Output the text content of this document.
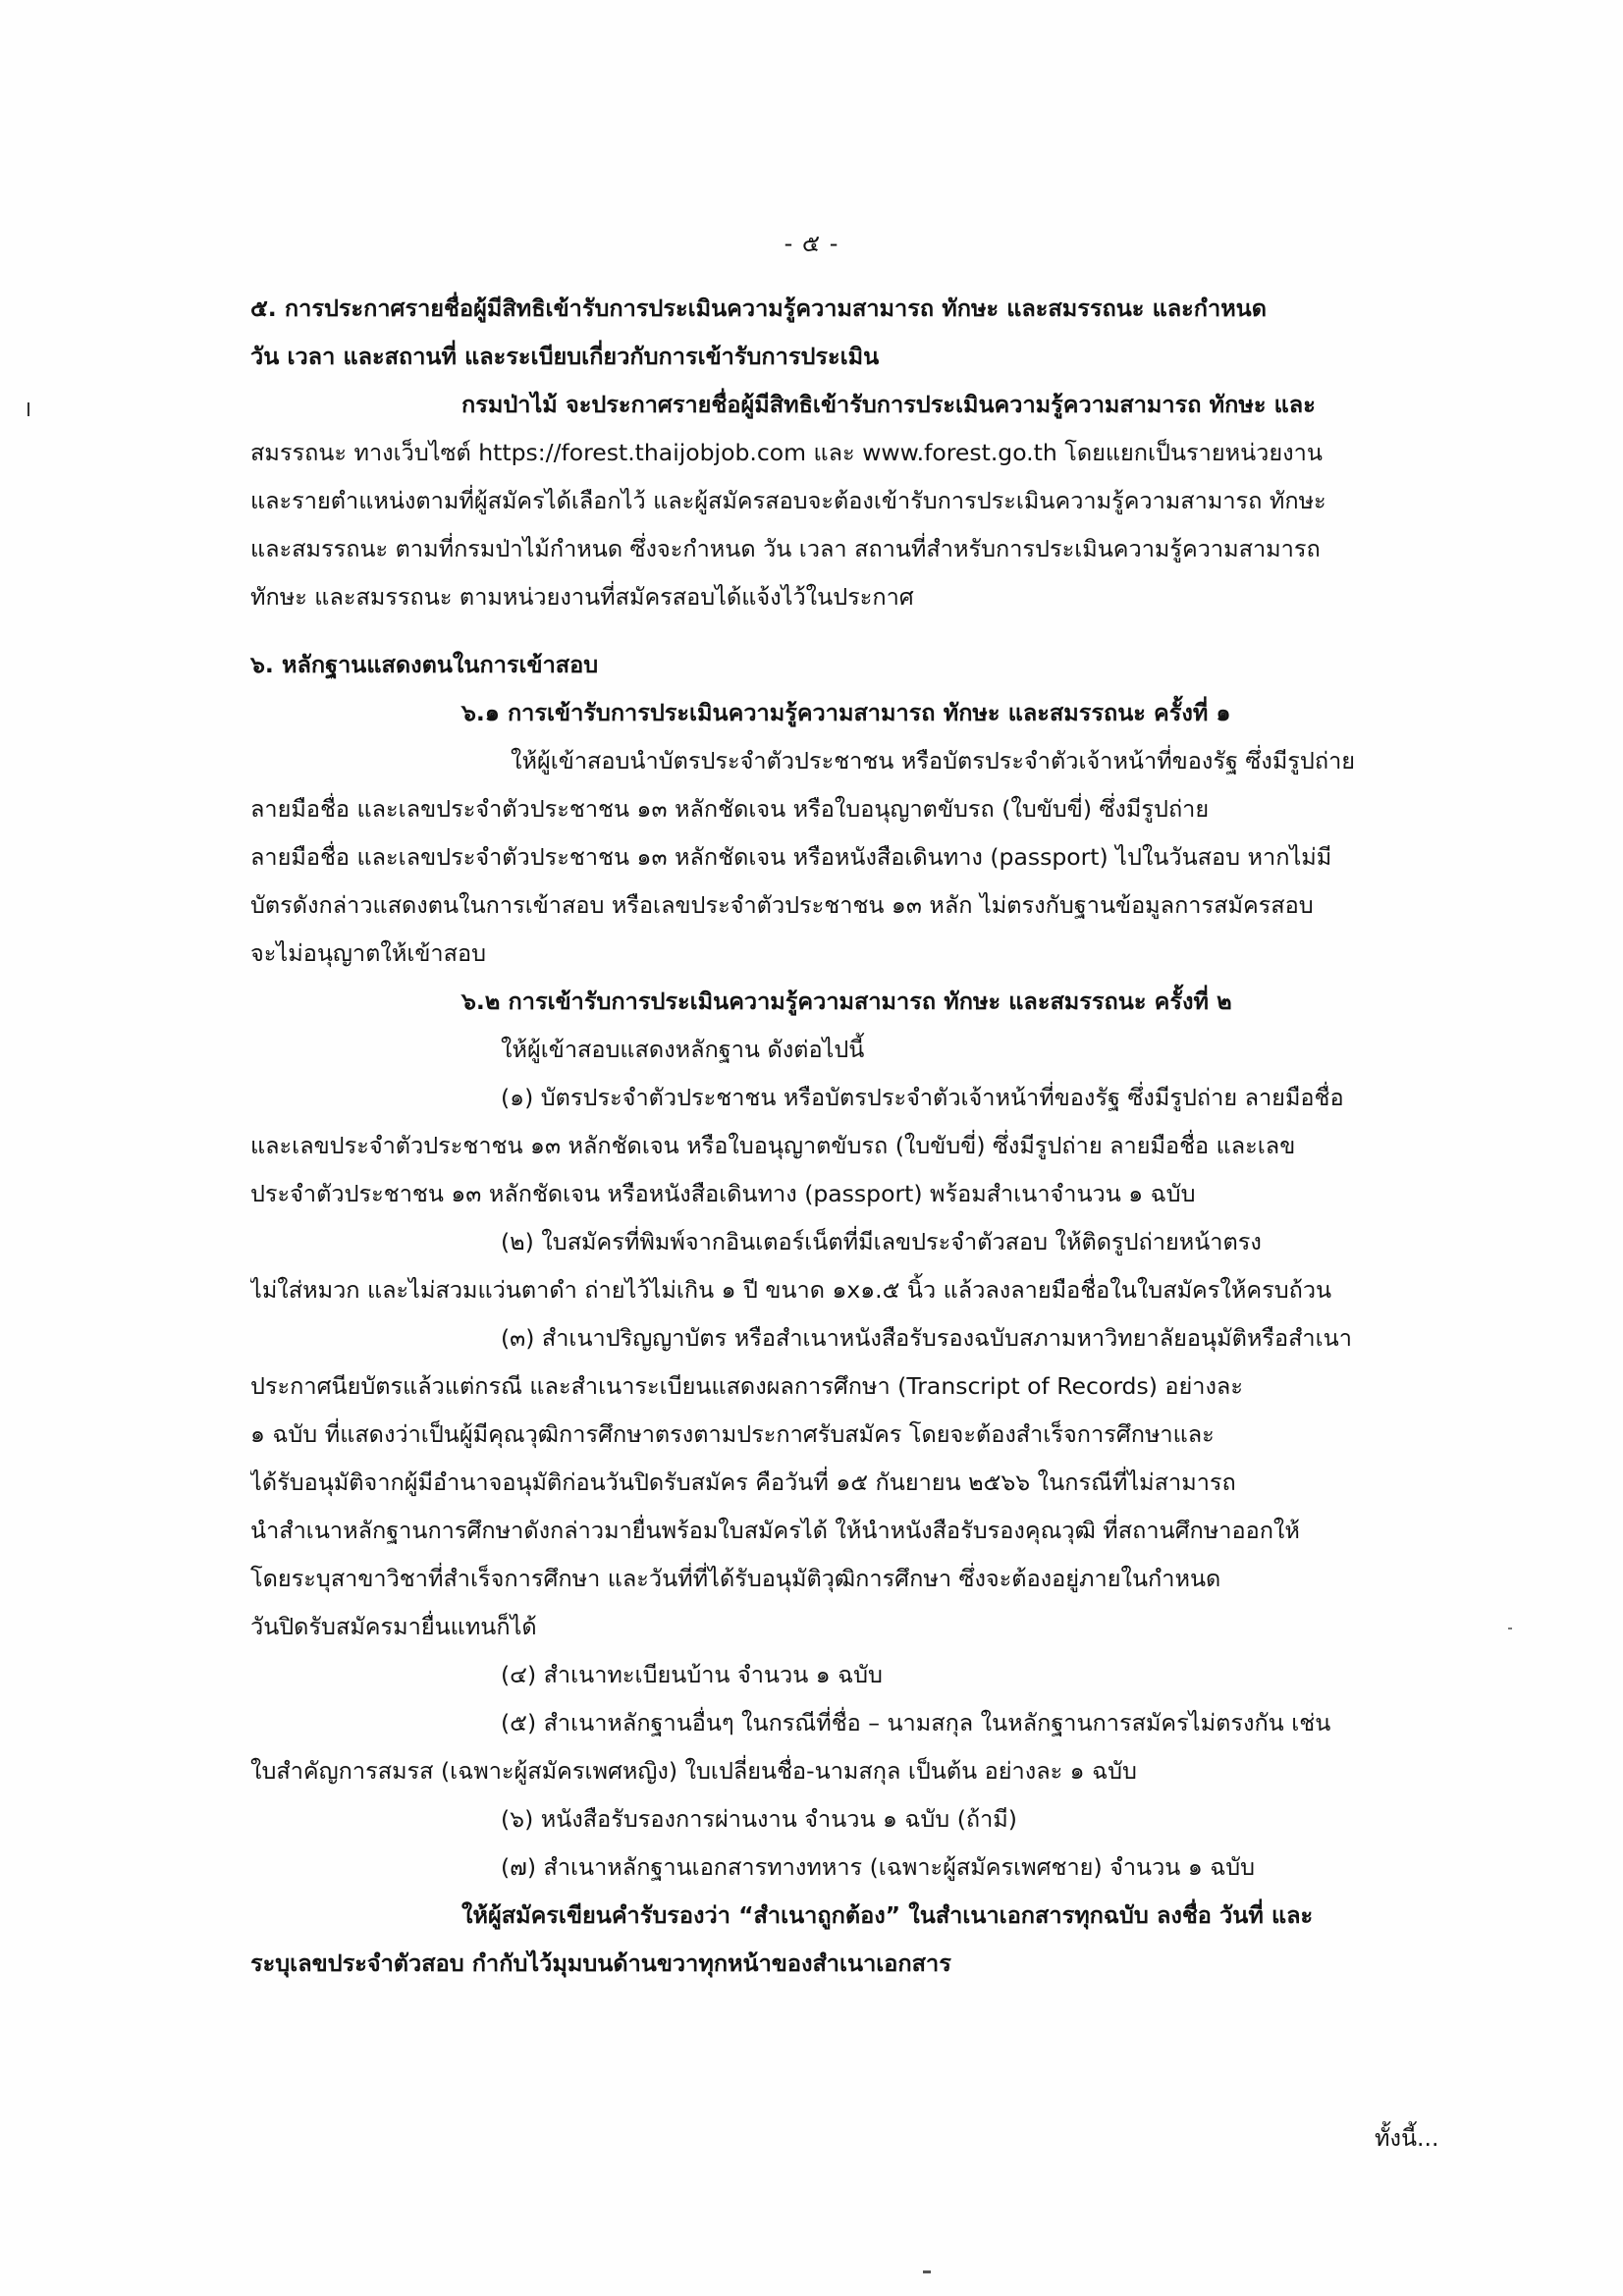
- ๕ -
๕. การประกาศรายชื่อผู้มีสิทธิเข้ารับการประเมินความรู้ความสามารถ ทักษะ และสมรรถนะ และกำหนด
วัน เวลา และสถานที่ และระเบียบเกี่ยวกับการเข้ารับการประเมิน
กรมป่าไม้ จะประกาศรายชื่อผู้มีสิทธิเข้ารับการประเมินความรู้ความสามารถ ทักษะ และ
สมรรถนะ ทางเว็บไซต์ https://forest.thaijobjob.com และ www.forest.go.th โดยแยกเป็นรายหน่วยงาน
และรายตำแหน่งตามที่ผู้สมัครได้เลือกไว้ และผู้สมัครสอบจะต้องเข้ารับการประเมินความรู้ความสามารถ ทักษะ
และสมรรถนะ ตามที่กรมป่าไม้กำหนด ซึ่งจะกำหนด วัน เวลา สถานที่สำหรับการประเมินความรู้ความสามารถ
ทักษะ และสมรรถนะ ตามหน่วยงานที่สมัครสอบได้แจ้งไว้ในประกาศ
๖. หลักฐานแสดงตนในการเข้าสอบ
๖.๑ การเข้ารับการประเมินความรู้ความสามารถ ทักษะ และสมรรถนะ ครั้งที่ ๑
ให้ผู้เข้าสอบนำบัตรประจำตัวประชาชน หรือบัตรประจำตัวเจ้าหน้าที่ของรัฐ ซึ่งมีรูปถ่าย
ลายมือชื่อ และเลขประจำตัวประชาชน ๑๓ หลักชัดเจน หรือใบอนุญาตขับรถ (ใบขับขี่) ซึ่งมีรูปถ่าย
ลายมือชื่อ และเลขประจำตัวประชาชน ๑๓ หลักชัดเจน หรือหนังสือเดินทาง (passport) ไปในวันสอบ หากไม่มี
บัตรดังกล่าวแสดงตนในการเข้าสอบ หรือเลขประจำตัวประชาชน ๑๓ หลัก ไม่ตรงกับฐานข้อมูลการสมัครสอบ
จะไม่อนุญาตให้เข้าสอบ
๖.๒ การเข้ารับการประเมินความรู้ความสามารถ ทักษะ และสมรรถนะ ครั้งที่ ๒
ให้ผู้เข้าสอบแสดงหลักฐาน ดังต่อไปนี้
(๑) บัตรประจำตัวประชาชน หรือบัตรประจำตัวเจ้าหน้าที่ของรัฐ ซึ่งมีรูปถ่าย ลายมือชื่อ
และเลขประจำตัวประชาชน ๑๓ หลักชัดเจน หรือใบอนุญาตขับรถ (ใบขับขี่) ซึ่งมีรูปถ่าย ลายมือชื่อ และเลข
ประจำตัวประชาชน ๑๓ หลักชัดเจน หรือหนังสือเดินทาง (passport) พร้อมสำเนาจำนวน ๑ ฉบับ
(๒) ใบสมัครที่พิมพ์จากอินเตอร์เน็ตที่มีเลขประจำตัวสอบ ให้ติดรูปถ่ายหน้าตรง
ไม่ใส่หมวก และไม่สวมแว่นตาดำ ถ่ายไว้ไม่เกิน ๑ ปี ขนาด ๑x๑.๕ นิ้ว แล้วลงลายมือชื่อในใบสมัครให้ครบถ้วน
(๓) สำเนาปริญญาบัตร หรือสำเนาหนังสือรับรองฉบับสภามหาวิทยาลัยอนุมัติหรือสำเนา
ประกาศนียบัตรแล้วแต่กรณี และสำเนาระเบียนแสดงผลการศึกษา (Transcript of Records) อย่างละ
๑ ฉบับ ที่แสดงว่าเป็นผู้มีคุณวุฒิการศึกษาตรงตามประกาศรับสมัคร โดยจะต้องสำเร็จการศึกษาและ
ได้รับอนุมัติจากผู้มีอำนาจอนุมัติก่อนวันปิดรับสมัคร คือวันที่ ๑๕ กันยายน ๒๕๖๖ ในกรณีที่ไม่สามารถ
นำสำเนาหลักฐานการศึกษาดังกล่าวมายื่นพร้อมใบสมัครได้ ให้นำหนังสือรับรองคุณวุฒิ ที่สถานศึกษาออกให้
โดยระบุสาขาวิชาที่สำเร็จการศึกษา และวันที่ที่ได้รับอนุมัติวุฒิการศึกษา ซึ่งจะต้องอยู่ภายในกำหนด
วันปิดรับสมัครมายื่นแทนก็ได้
(๔) สำเนาทะเบียนบ้าน จำนวน ๑ ฉบับ
(๕) สำเนาหลักฐานอื่นๆ ในกรณีที่ชื่อ – นามสกุล ในหลักฐานการสมัครไม่ตรงกัน เช่น
ใบสำคัญการสมรส (เฉพาะผู้สมัครเพศหญิง) ใบเปลี่ยนชื่อ-นามสกุล เป็นต้น อย่างละ ๑ ฉบับ
(๖) หนังสือรับรองการผ่านงาน จำนวน ๑ ฉบับ (ถ้ามี)
(๗) สำเนาหลักฐานเอกสารทางทหาร (เฉพาะผู้สมัครเพศชาย) จำนวน ๑ ฉบับ
ให้ผู้สมัครเขียนคำรับรองว่า “สำเนาถูกต้อง” ในสำเนาเอกสารทุกฉบับ ลงชื่อ วันที่ และ
ระบุเลขประจำตัวสอบ กำกับไว้มุมบนด้านขวาทุกหน้าของสำเนาเอกสาร
ทั้งนี้...
